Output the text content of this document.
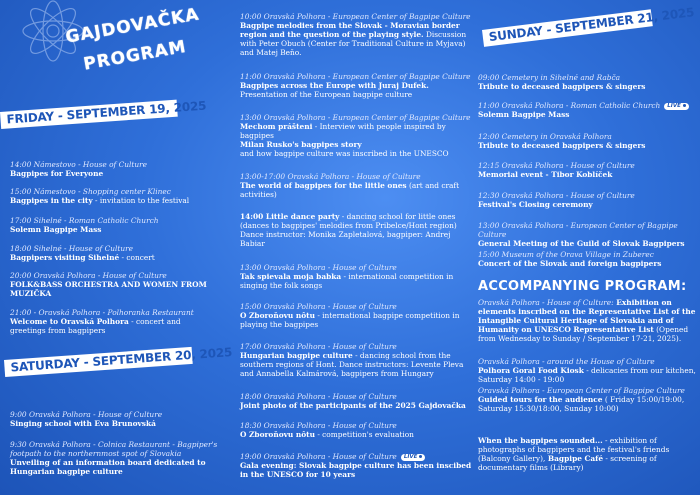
GAJDOVAČKA
PROGRAM
FRIDAY - SEPTEMBER 19, 2025
14:00 Námestovo - House of Culture
Bagpipes for Everyone
15:00 Námestovo - Shopping center Klinec
Bagpipes in the city - invitation to the festival
17:00 Sihelné - Roman Catholic Church
Solemn Bagpipe Mass
18:00 Sihelné - House of Culture
Bagpipers visiting Sihelné - concert
20:00 Oravská Polhora - House of Culture
FOLK&BASS ORCHESTRA AND WOMEN FROM MUZIČKA
21:00 - Oravská Polhora - Polhoranka Restaurant
Welcome to Oravská Polhora - concert and greetings from bagpipers
SATURDAY - SEPTEMBER 20, 2025
9:00 Oravská Polhora - House of Culture
Singing school with Eva Brunovská
9:30 Oravská Polhora - Colnica Restaurant - Bagpiper's footpath to the northernmost spot of Slovakia
Unveiling of an information board dedicated to Hungarian bagpipe culture
10:00 Oravská Polhora - European Center of Bagpipe Culture
Bagpipe melodies from the Slovak - Moravian border region and the question of the playing style. Discussion with Peter Obuch (Center for Traditional Culture in Myjava) and Matej Beňo.
11:00 Oravská Polhora - European Center of Bagpipe Culture
Bagpipes across the Europe with Juraj Dufek. Presentation of the European bagpipe culture
13:00 Oravská Polhora - European Center of Bagpipe Culture
Mechom prášteni - Interview with people inspired by bagpipes
Milan Rusko's bagpipes story
and how bagpipe culture was inscribed in the UNESCO
13:00-17:00 Oravská Polhora - House of Culture
The world of bagpipes for the little ones (art and craft activities)
14:00 Little dance party - dancing school for little ones (dances to bagpipes' melodies from Pribelce/Hont region) Dance instructor: Monika Zapletalová, bagpiper: Andrej Babiar
13:00 Oravská Polhora - House of Culture
Tak spievala moja babka - international competition in singing the folk songs
15:00 Oravská Polhora - House of Culture
O Zboroňovu nôtu - international bagpipe competition in playing the bagpipes
17:00 Oravská Polhora - House of Culture
Hungarian bagpipe culture - dancing school from the southern regions of Hont. Dance instructors: Levente Pleva and Annabella Kalmárová, bagpipers from Hungary
18:00 Oravská Polhora - House of Culture
Joint photo of the participants of the 2025 Gajdovačka
18:30 Oravská Polhora - House of Culture
O Zboroňovu nôtu - competition's evaluation
19:00 Oravská Polhora - House of Culture LIVE
Gala evening: Slovak bagpipe culture has been inscibed in the UNESCO for 10 years
SUNDAY - SEPTEMBER 21, 2025
09:00 Cemetery in Sihelné and Rabča
Tribute to deceased bagpipers & singers
11:00 Oravská Polhora - Roman Catholic Church LIVE
Solemn Bagpipe Mass
12:00 Cemetery in Oravská Polhora
Tribute to deceased bagpipers & singers
12:15 Oravská Polhora - House of Culture
Memorial event - Tibor Koblíček
12:30 Oravská Polhora - House of Culture
Festival's Closing ceremony
13:00 Oravská Polhora - European Center of Bagpipe Culture
General Meeting of the Guild of Slovak Bagpipers
15:00 Museum of the Orava Village in Zuberec
Concert of the Slovak and foreign bagpipers
ACCOMPANYING PROGRAM:
Oravská Polhora - House of Culture: Exhibition on elements inscribed on the Representative List of the Intangible Cultural Heritage of Slovakia and of Humanity on UNESCO Representative List (Opened from Wednesday to Sunday / September 17-21, 2025).
Oravská Polhora - around the House of Culture
Polhora Goral Food Kiosk - delicacies from our kitchen, Saturday 14:00 - 19:00
Oravská Polhora - European Center of Bagpipe Culture
Guided tours for the audience ( Friday 15:00/19:00, Saturday 15:30/18:00, Sunday 10:00)
When the bagpipes sounded... - exhibition of photographs of bagpipers and the festival's friends (Balcony Gallery), Bagpipe Café - screening of documentary films (Library)
